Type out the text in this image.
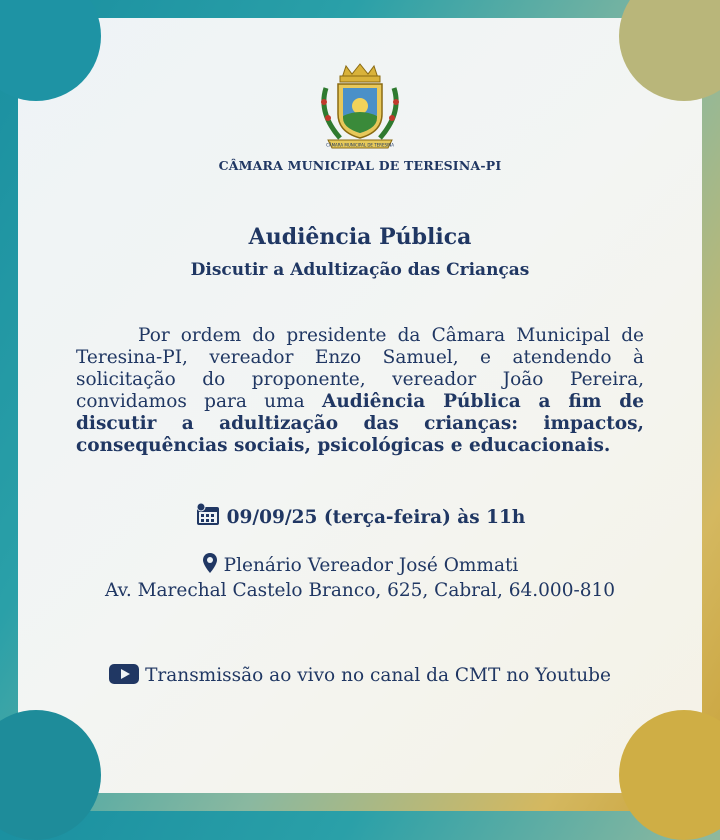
CÂMARA MUNICIPAL DE TERESINA
CÂMARA MUNICIPAL DE TERESINA-PI
Audiência Pública
Discutir a Adultização das Crianças
Por ordem do presidente da Câmara Municipal de Teresina-PI, vereador Enzo Samuel, e atendendo à solicitação do proponente, vereador João Pereira, convidamos para uma Audiência Pública a fim de discutir a adultização das crianças: impactos, consequências sociais, psicológicas e educacionais.
09/09/25 (terça-feira) às 11h
Plenário Vereador José Ommati
Av. Marechal Castelo Branco, 625, Cabral, 64.000-810
Transmissão ao vivo no canal da CMT no Youtube
